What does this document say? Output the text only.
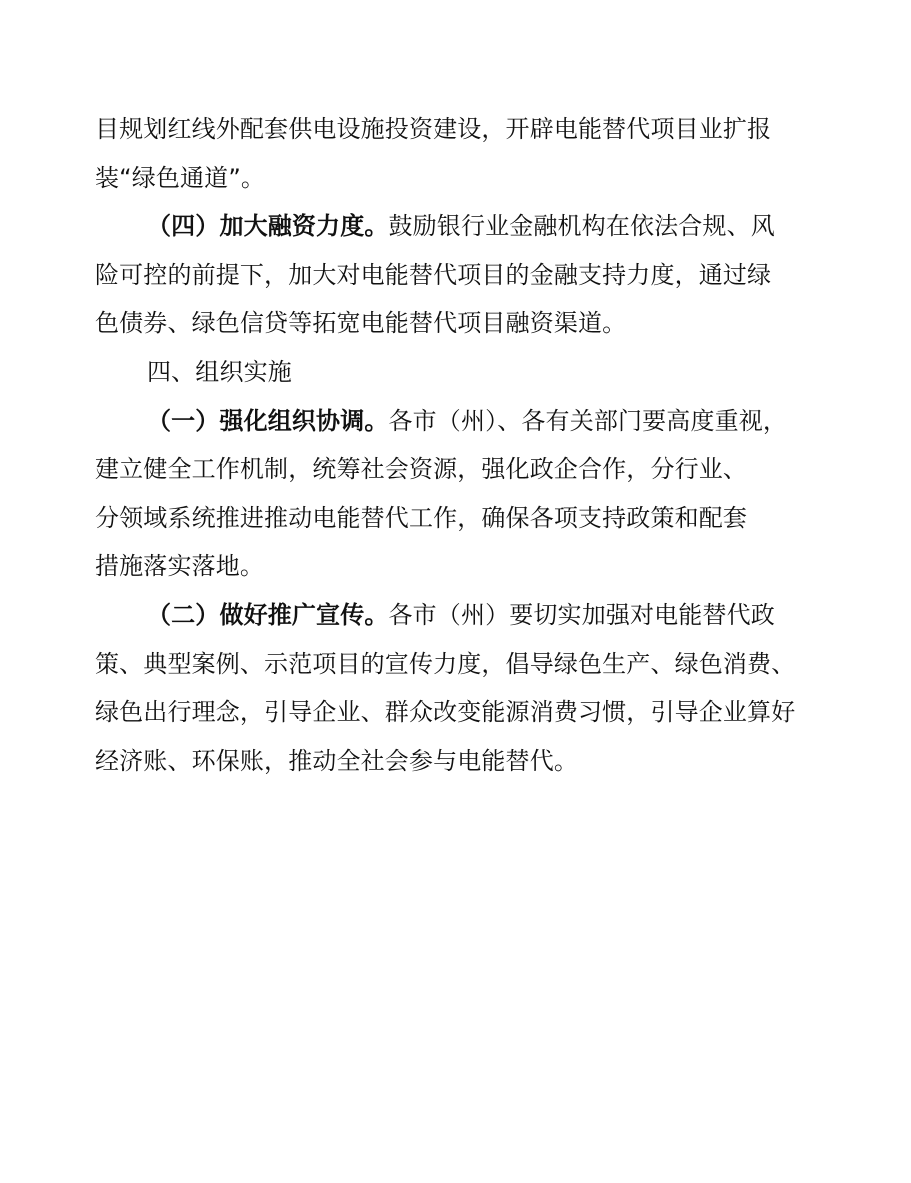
目规划红线外配套供电设施投资建设，开辟电能替代项目业扩报
装“绿色通道”。
（四）加大融资力度。鼓励银行业金融机构在依法合规、风
险可控的前提下，加大对电能替代项目的金融支持力度，通过绿
色债券、绿色信贷等拓宽电能替代项目融资渠道。
四、组织实施
（一）强化组织协调。各市（州）、各有关部门要高度重视，
建立健全工作机制，统筹社会资源，强化政企合作，分行业、
分领域系统推进推动电能替代工作，确保各项支持政策和配套
措施落实落地。
（二）做好推广宣传。各市（州）要切实加强对电能替代政
策、典型案例、示范项目的宣传力度，倡导绿色生产、绿色消费、
绿色出行理念，引导企业、群众改变能源消费习惯，引导企业算好
经济账、环保账，推动全社会参与电能替代。
